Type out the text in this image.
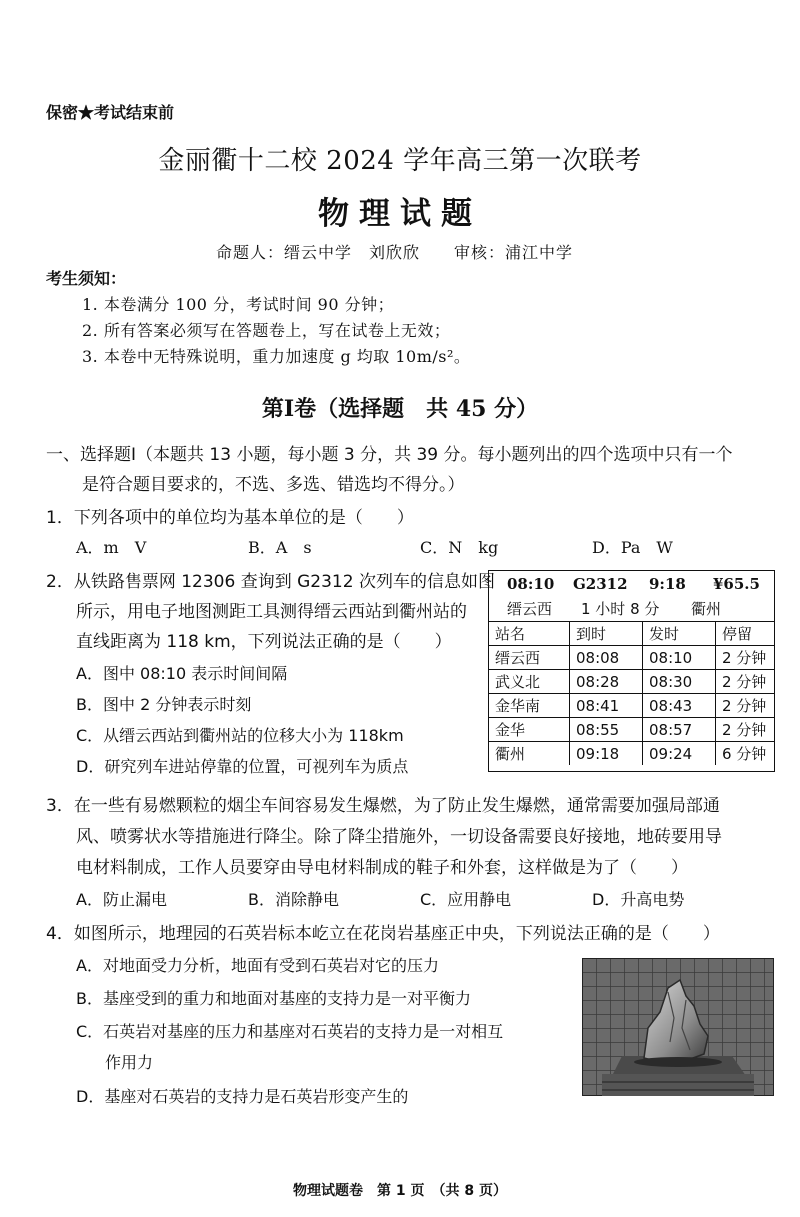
保密★考试结束前
金丽衢十二校 2024 学年高三第一次联考
物理试题
命题人：缙云中学　刘欣欣　　审核：浦江中学
考生须知：
1. 本卷满分 100 分，考试时间 90 分钟；
2. 所有答案必须写在答题卷上，写在试卷上无效；
3. 本卷中无特殊说明，重力加速度 g 均取 10m/s²。
第Ⅰ卷（选择题　共 45 分）
一、选择题Ⅰ（本题共 13 小题，每小题 3 分，共 39 分。每小题列出的四个选项中只有一个
是符合题目要求的，不选、多选、错选均不得分。）
1．下列各项中的单位均为基本单位的是（　　）
A．m　V	B．A　s	C．N　kg	D．Pa　W
2．从铁路售票网 12306 查询到 G2312 次列车的信息如图
所示，用电子地图测距工具测得缙云西站到衢州站的
直线距离为 118 km，下列说法正确的是（　　）
A．图中 08:10 表示时间间隔
B．图中 2 分钟表示时刻
C．从缙云西站到衢州站的位移大小为 118km
D．研究列车进站停靠的位置，可视列车为质点
08:10 G2312 9:18 ¥65.5
缙云西 1 小时 8 分 衢州
站名	到时	发时	停留
缙云西	08:08	08:10	2 分钟
武义北	08:28	08:30	2 分钟
金华南	08:41	08:43	2 分钟
金华	08:55	08:57	2 分钟
衢州	09:18	09:24	6 分钟
3．在一些有易燃颗粒的烟尘车间容易发生爆燃，为了防止发生爆燃，通常需要加强局部通
风、喷雾状水等措施进行降尘。除了降尘措施外，一切设备需要良好接地，地砖要用导
电材料制成，工作人员要穿由导电材料制成的鞋子和外套，这样做是为了（　　）
A．防止漏电	B．消除静电	C．应用静电	D．升高电势
4．如图所示，地理园的石英岩标本屹立在花岗岩基座正中央，下列说法正确的是（　　）
A．对地面受力分析，地面有受到石英岩对它的压力
B．基座受到的重力和地面对基座的支持力是一对平衡力
C．石英岩对基座的压力和基座对石英岩的支持力是一对相互
作用力
D．基座对石英岩的支持力是石英岩形变产生的
物理试题卷　第 1 页　（共 8 页）
